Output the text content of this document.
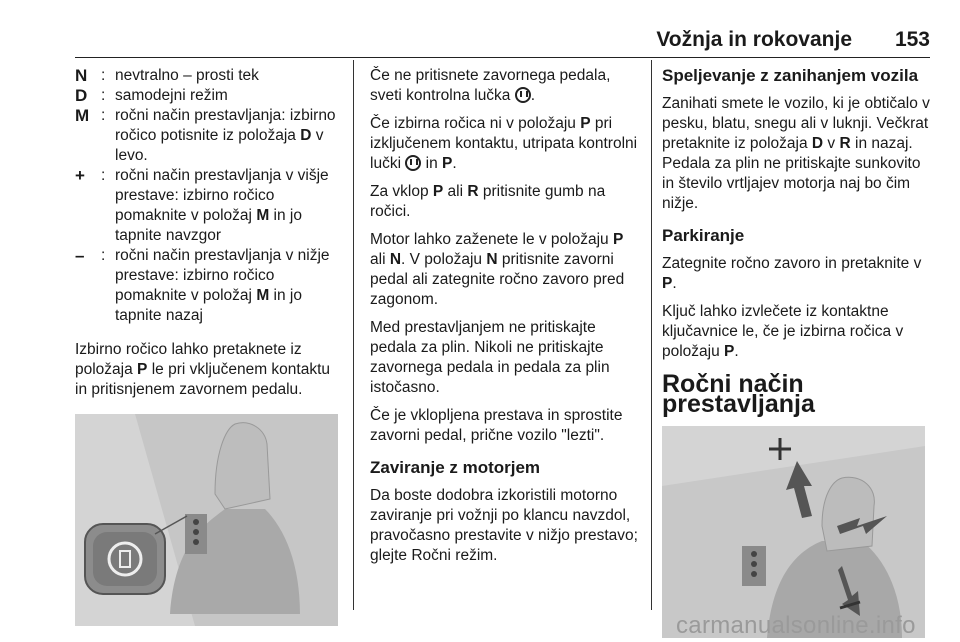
Vožnja in rokovanje 153
N : nevtralno – prosti tek
D : samodejni režim
M : ročni način prestavljanja: izbirno ročico potisnite iz položaja D v levo.
+	: ročni način prestavljanja v višje prestave: izbirno ročico pomaknite v položaj M in jo tapnite navzgor
–	: ročni način prestavljanja v nižje prestave: izbirno ročico pomaknite v položaj M in jo tapnite nazaj

Izbirno ročico lahko pretaknete iz položaja P le pri vključenem kontaktu in pritisnjenem zavornem pedalu.

Če ne pritisnete zavornega pedala, sveti kontrolna lučka .

Če izbirna ročica ni v položaju P pri izključenem kontaktu, utripata kontrolni lučki  in P.

Za vklop P ali R pritisnite gumb na ročici.

Motor lahko zaženete le v položaju P ali N. V položaju N pritisnite zavorni pedal ali zategnite ročno zavoro pred zagonom.

Med prestavljanjem ne pritiskajte pedala za plin. Nikoli ne pritiskajte zavornega pedala in pedala za plin istočasno.

Če je vklopljena prestava in sprostite zavorni pedal, pričnе vozilo "lezti".

Zaviranje z motorjem

Da boste dodobra izkoristili motorno zaviranje pri vožnji po klancu navzdol, pravočasno prestavite v nižjo prestavo; glejte Ročni režim.

Speljevanje z zanihanjem vozila

Zanihati smete le vozilo, ki je obtičalo v pesku, blatu, snegu ali v luknji. Večkrat pretaknite iz položaja D v R in nazaj. Pedala za plin ne pritiskajte sunkovito in število vrtljajev motorja naj bo čim nižje.

Parkiranje

Zategnite ročno zavoro in pretaknite v P.

Ključ lahko izvlečete iz kontaktne ključavnice le, če je izbirna ročica v položaju P.

Ročni način prestavljanja
carmanualsonline.info
